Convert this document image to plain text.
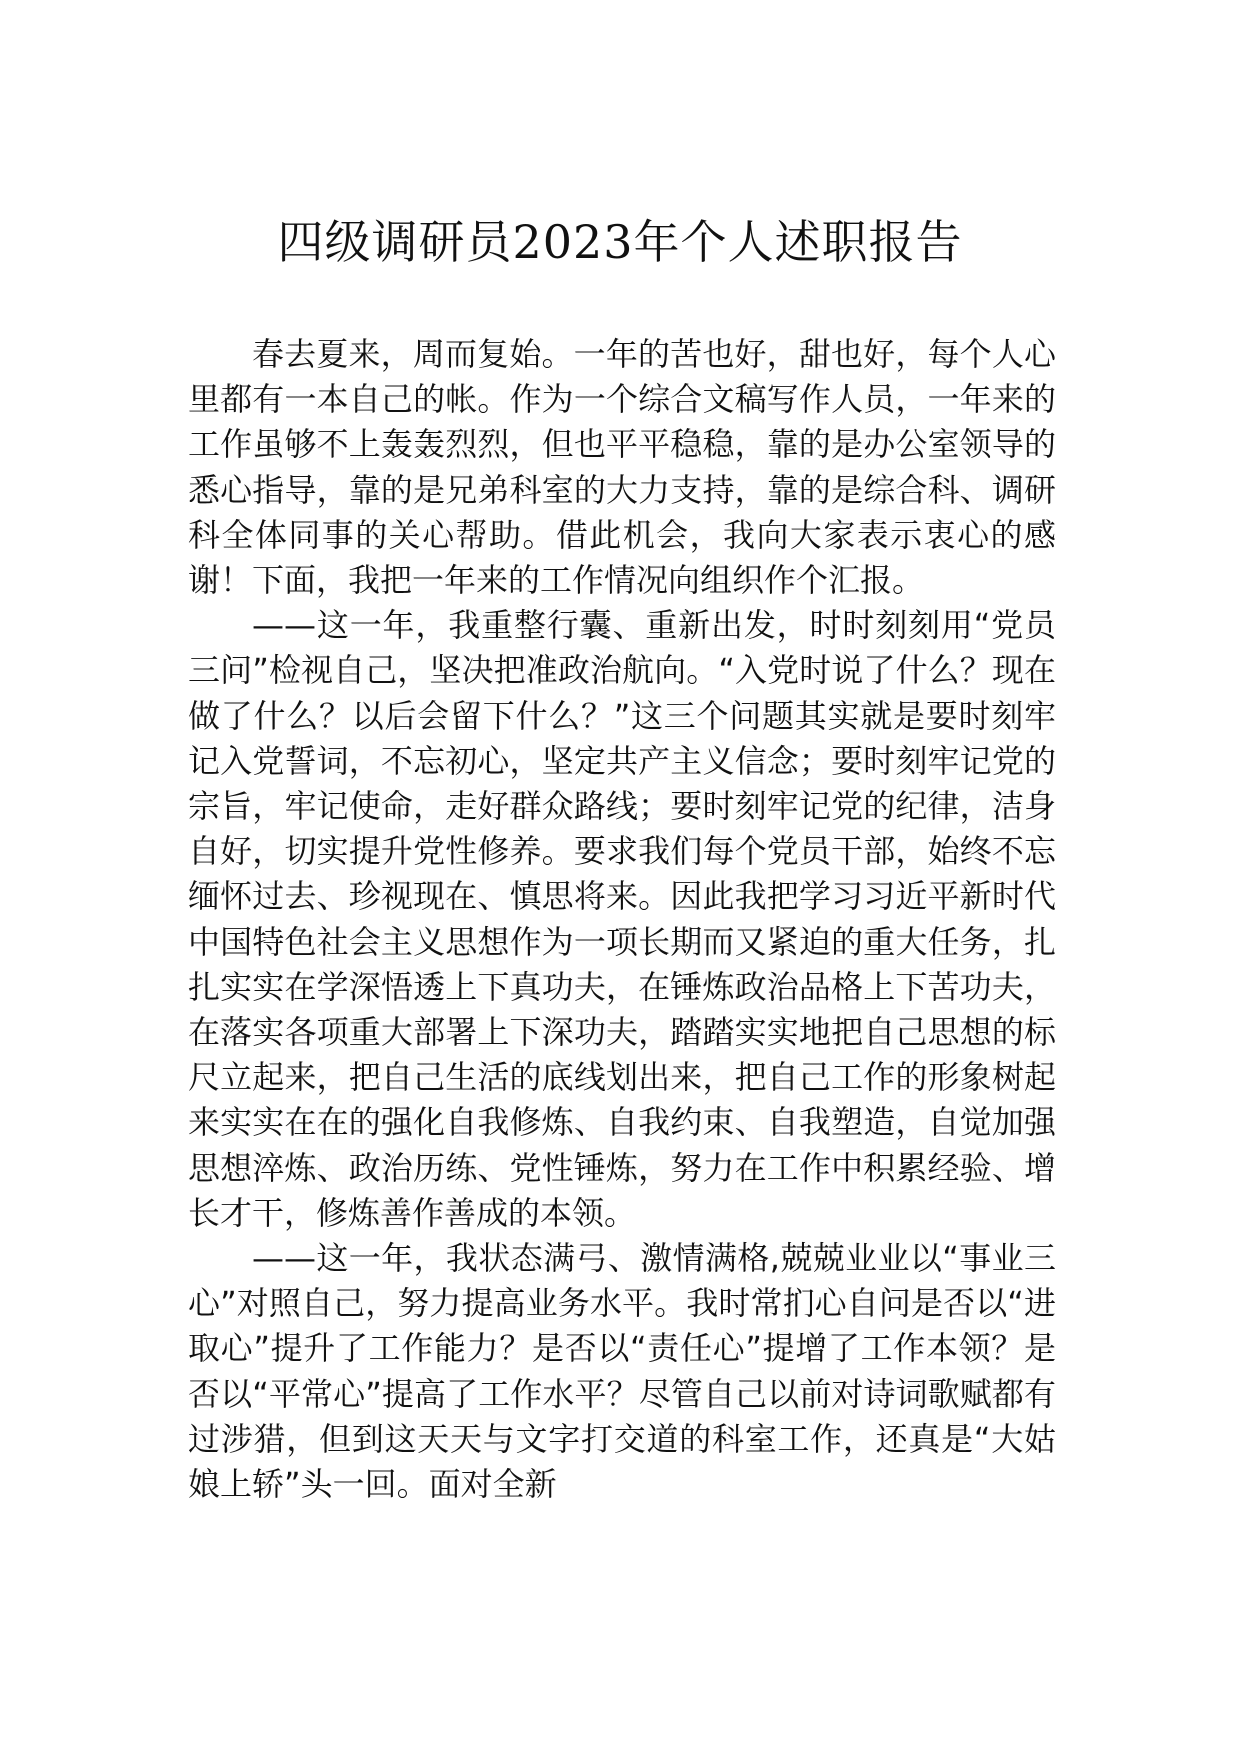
四级调研员2023年个人述职报告

春去夏来，周而复始。一年的苦也好，甜也好，每个人心里都有一本自己的帐。作为一个综合文稿写作人员，一年来的工作虽够不上轰轰烈烈，但也平平稳稳，靠的是办公室领导的悉心指导，靠的是兄弟科室的大力支持，靠的是综合科、调研科全体同事的关心帮助。借此机会，我向大家表示衷心的感谢！下面，我把一年来的工作情况向组织作个汇报。

——这一年，我重整行囊、重新出发，时时刻刻用“党员三问”检视自己，坚决把准政治航向。“入党时说了什么？现在做了什么？以后会留下什么？”这三个问题其实就是要时刻牢记入党誓词，不忘初心，坚定共产主义信念；要时刻牢记党的宗旨，牢记使命，走好群众路线；要时刻牢记党的纪律，洁身自好，切实提升党性修养。要求我们每个党员干部，始终不忘缅怀过去、珍视现在、慎思将来。因此我把学习习近平新时代中国特色社会主义思想作为一项长期而又紧迫的重大任务，扎扎实实在学深悟透上下真功夫，在锤炼政治品格上下苦功夫，在落实各项重大部署上下深功夫，踏踏实实地把自己思想的标尺立起来，把自己生活的底线划出来，把自己工作的形象树起来实实在在的强化自我修炼、自我约束、自我塑造，自觉加强思想淬炼、政治历练、党性锤炼，努力在工作中积累经验、增长才干，修炼善作善成的本领。

——这一年，我状态满弓、激情满格,兢兢业业以“事业三心”对照自己，努力提高业务水平。我时常扪心自问是否以“进取心”提升了工作能力？是否以“责任心”提增了工作本领？是否以“平常心”提高了工作水平？尽管自己以前对诗词歌赋都有过涉猎，但到这天天与文字打交道的科室工作，还真是“大姑娘上轿”头一回。面对全新
